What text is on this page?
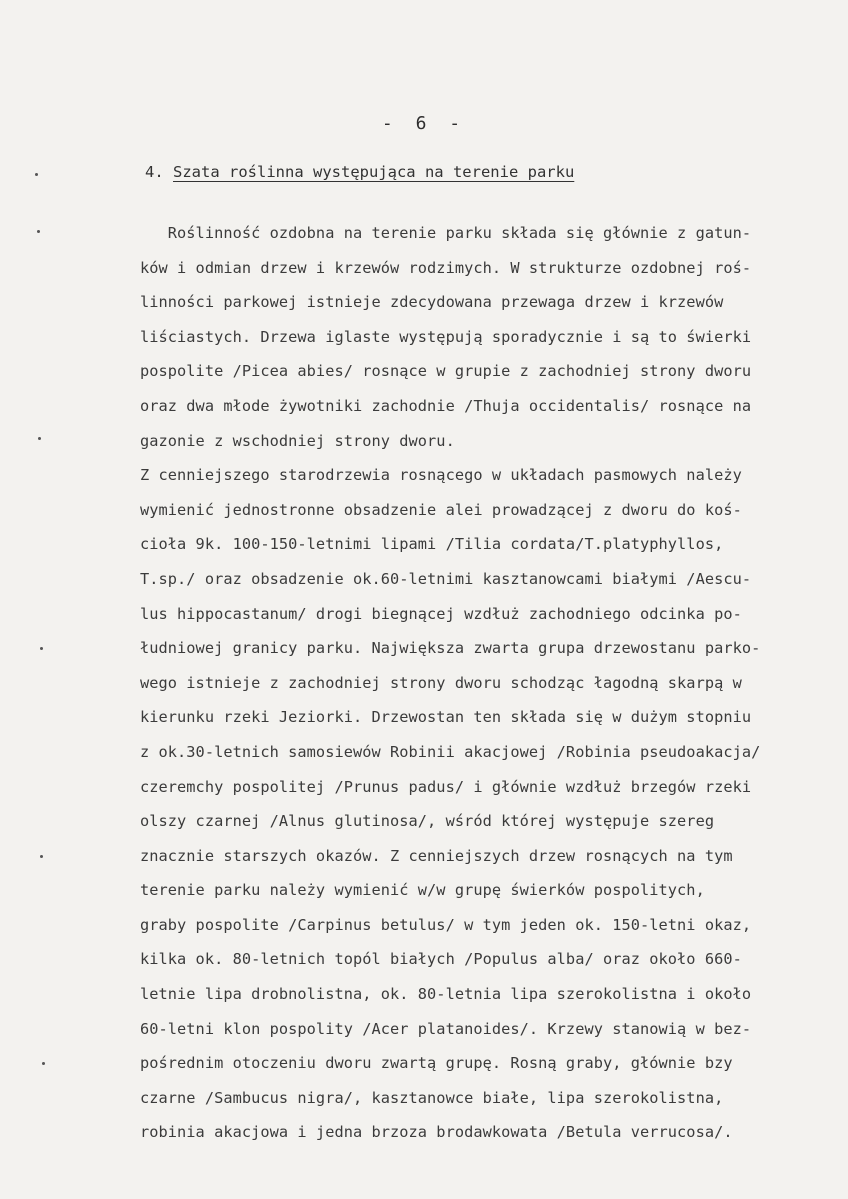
- 6 -
4. Szata roślinna występująca na terenie parku
Roślinność ozdobna na terenie parku składa się głównie z gatun-
ków i odmian drzew i krzewów rodzimych. W strukturze ozdobnej roś-
linności parkowej istnieje zdecydowana przewaga drzew i krzewów
liściastych. Drzewa iglaste występują sporadycznie i są to świerki
pospolite /Picea abies/ rosnące w grupie z zachodniej strony dworu
oraz dwa młode żywotniki zachodnie /Thuja occidentalis/ rosnące na
gazonie z wschodniej strony dworu.
Z cenniejszego starodrzewia rosnącego w układach pasmowych należy
wymienić jednostronne obsadzenie alei prowadzącej z dworu do koś-
cioła 9k. 100-150-letnimi lipami /Tilia cordata/T.platyphyllos,
T.sp./ oraz obsadzenie ok.60-letnimi kasztanowcami białymi /Aescu-
lus hippocastanum/ drogi biegnącej wzdłuż zachodniego odcinka po-
łudniowej granicy parku. Największa zwarta grupa drzewostanu parko-
wego istnieje z zachodniej strony dworu schodząc łagodną skarpą w
kierunku rzeki Jeziorki. Drzewostan ten składa się w dużym stopniu
z ok.30-letnich samosiewów Robinii akacjowej /Robinia pseudoakacja/
czeremchy pospolitej /Prunus padus/ i głównie wzdłuż brzegów rzeki
olszy czarnej /Alnus glutinosa/, wśród której występuje szereg
znacznie starszych okazów. Z cenniejszych drzew rosnących na tym
terenie parku należy wymienić w/w grupę świerków pospolitych,
graby pospolite /Carpinus betulus/ w tym jeden ok. 150-letni okaz,
kilka ok. 80-letnich topól białych /Populus alba/ oraz około 660-
letnie lipa drobnolistna, ok. 80-letnia lipa szerokolistna i około
60-letni klon pospolity /Acer platanoides/. Krzewy stanowią w bez-
pośrednim otoczeniu dworu zwartą grupę. Rosną graby, głównie bzy
czarne /Sambucus nigra/, kasztanowce białe, lipa szerokolistna,
robinia akacjowa i jedna brzoza brodawkowata /Betula verrucosa/.
